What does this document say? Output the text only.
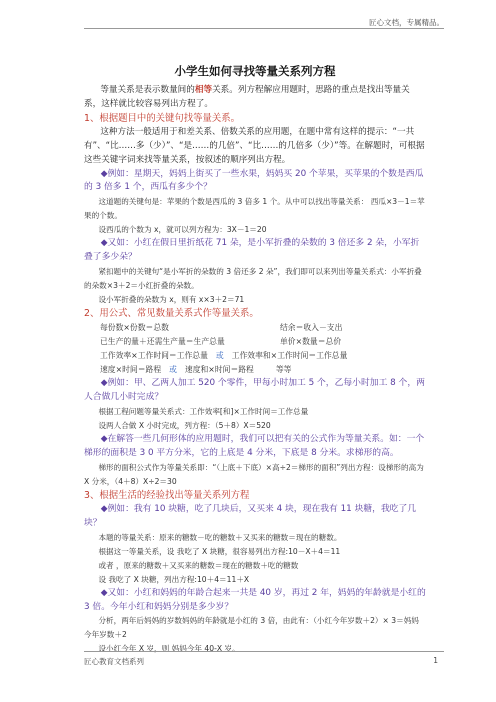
匠心文档，专属精品。
小学生如何寻找等量关系列方程

等量关系是表示数量间的相等关系。列方程解应用题时，思路的重点是找出等量关系，这样就比较容易列出方程了。

1、根据题目中的关键句找等量关系。

这种方法一般适用于和差关系、倍数关系的应用题，在题中常有这样的提示：“一共有”、“比……多（少）”、“是……的几倍”、“比……的几倍多（少）”等。在解题时，可根据这些关键字词来找等量关系，按叙述的顺序列出方程。

◆例如：星期天，妈妈上街买了一些水果，妈妈买 20 个苹果，买苹果的个数是西瓜的 3 倍多 1 个，西瓜有多少个？

这道题的关键句是：苹果的个数是西瓜的 3 倍多 1 个。从中可以找出等量关系： 西瓜×3－1＝苹果的个数。

设西瓜的个数为 x，就可以列方程为：3X－1＝20

◆又如：小红在假日里折纸花 71 朵，是小军折叠的朵数的 3 倍还多 2 朵，小军折叠了多少朵？

紧扣题中的关键句“是小军折的朵数的 3 倍还多 2 朵”，我们即可以来列出等量关系式：小军折叠的朵数×3＋2＝小红折叠的朵数。

设小军折叠的朵数为 x，则有 x×3＋2＝71

2、用公式、常见数量关系式作等量关系。

每份数×份数＝总数	结余＝收入－支出
已生产的量＋还需生产量＝生产总量	单价×数量＝总价
工作效率×工作时间＝工作总量 或 工作效率和×工作时间＝工作总量
速度×时间＝路程 或 速度和×时间＝路程	等等

◆例如：甲、乙两人加工 520 个零件，甲每小时加工 5 个，乙每小时加工 8 个，两人合做几小时完成？

根据工程问题等量关系式：工作效率[和]×工作时间＝工作总量

设两人合做 X 小时完成，列方程：（5＋8）X＝520

◆在解答一些几何形体的应用题时，我们可以把有关的公式作为等量关系。如：一个梯形的面积是 3 0 平方分米，它的上底是 4 分米，下底是 8 分米。求梯形的高。

梯形的面积公式作为等量关系即：“（上底＋下底）×高÷2＝梯形的面积”列出方程：设梯形的高为 X 分米，（4＋8）X÷2＝30

3、根据生活的经验找出等量关系列方程

◆例如：我有 10 块糖，吃了几块后，又买来 4 块，现在我有 11 块糖，我吃了几块？

本题的等量关系：原来的糖数－吃的糖数＋又买来的糖数＝现在的糖数。

根据这一等量关系，设 我吃了 X 块糖，很容易列出方程:10－X＋4＝11

或者 ，原来的糖数＋又买来的糖数＝现在的糖数＋吃的糖数

设 我吃了 X 块糖，列出方程:10＋4＝11＋X

◆又如：小红和妈妈的年龄合起来一共是 40 岁，再过 2 年，妈妈的年龄就是小红的 3 倍。今年小红和妈妈分别是多少岁？

分析，两年后妈妈的岁数妈妈的年龄就是小红的 3 倍，由此有：（小红今年岁数＋2）× 3＝妈妈今年岁数＋2

设小红今年 X 岁，则 妈妈今年 40-X 岁。

匠心教育文档系列	1
